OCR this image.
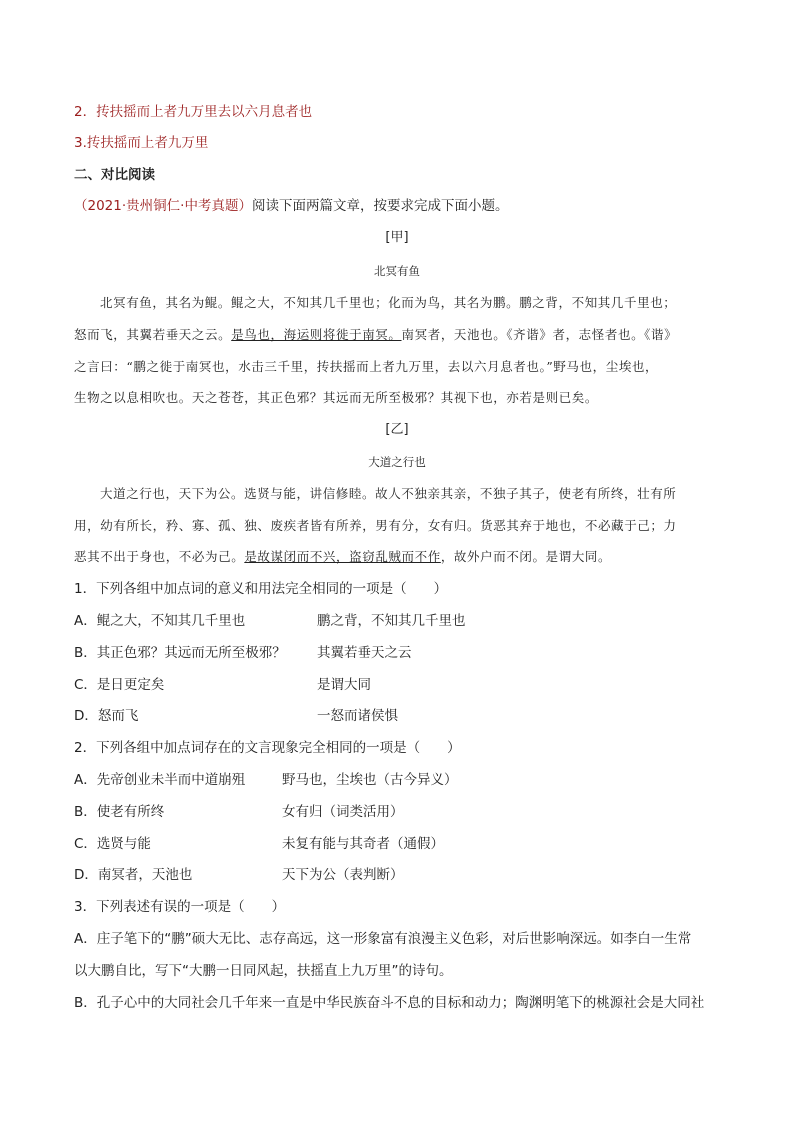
2．抟扶摇而上者九万里去以六月息者也
3.抟扶摇而上者九万里
二、对比阅读
（2021·贵州铜仁·中考真题）阅读下面两篇文章，按要求完成下面小题。
[甲]
北冥有鱼
北冥有鱼，其名为鲲。鲲之大，不知其几千里也；化而为鸟，其名为鹏。鹏之背，不知其几千里也；
怒而飞，其翼若垂天之云。是鸟也，海运则将徙于南冥。南冥者，天池也。《齐谐》者，志怪者也。《谐》
之言曰：“鹏之徙于南冥也，水击三千里，抟扶摇而上者九万里，去以六月息者也。”野马也，尘埃也，
生物之以息相吹也。天之苍苍，其正色邪？其远而无所至极邪？其视下也，亦若是则已矣。
[乙]
大道之行也
大道之行也，天下为公。选贤与能，讲信修睦。故人不独亲其亲，不独子其子，使老有所终，壮有所
用，幼有所长，矜、寡、孤、独、废疾者皆有所养，男有分，女有归。货恶其弃于地也，不必藏于己；力
恶其不出于身也，不必为己。是故谋闭而不兴，盗窃乱贼而不作，故外户而不闭。是谓大同。
1．下列各组中加点词的意义和用法完全相同的一项是（　　）
A．鲲之大，不知其几千里也	鹏之背，不知其几千里也
B．其正色邪？其远而无所至极邪？ 其翼若垂天之云
C．是日更定矣	是谓大同
D．怒而飞	一怒而诸侯惧
2．下列各组中加点词存在的文言现象完全相同的一项是（　　）
A．先帝创业未半而中道崩殂	野马也，尘埃也（古今异义）
B．使老有所终	女有归（词类活用）
C．选贤与能	未复有能与其奇者（通假）
D．南冥者，天池也	天下为公（表判断）
3．下列表述有误的一项是（　　）
A．庄子笔下的“鹏”硕大无比、志存高远，这一形象富有浪漫主义色彩，对后世影响深远。如李白一生常
以大鹏自比，写下“大鹏一日同风起，扶摇直上九万里”的诗句。
B．孔子心中的大同社会几千年来一直是中华民族奋斗不息的目标和动力；陶渊明笔下的桃源社会是大同社
